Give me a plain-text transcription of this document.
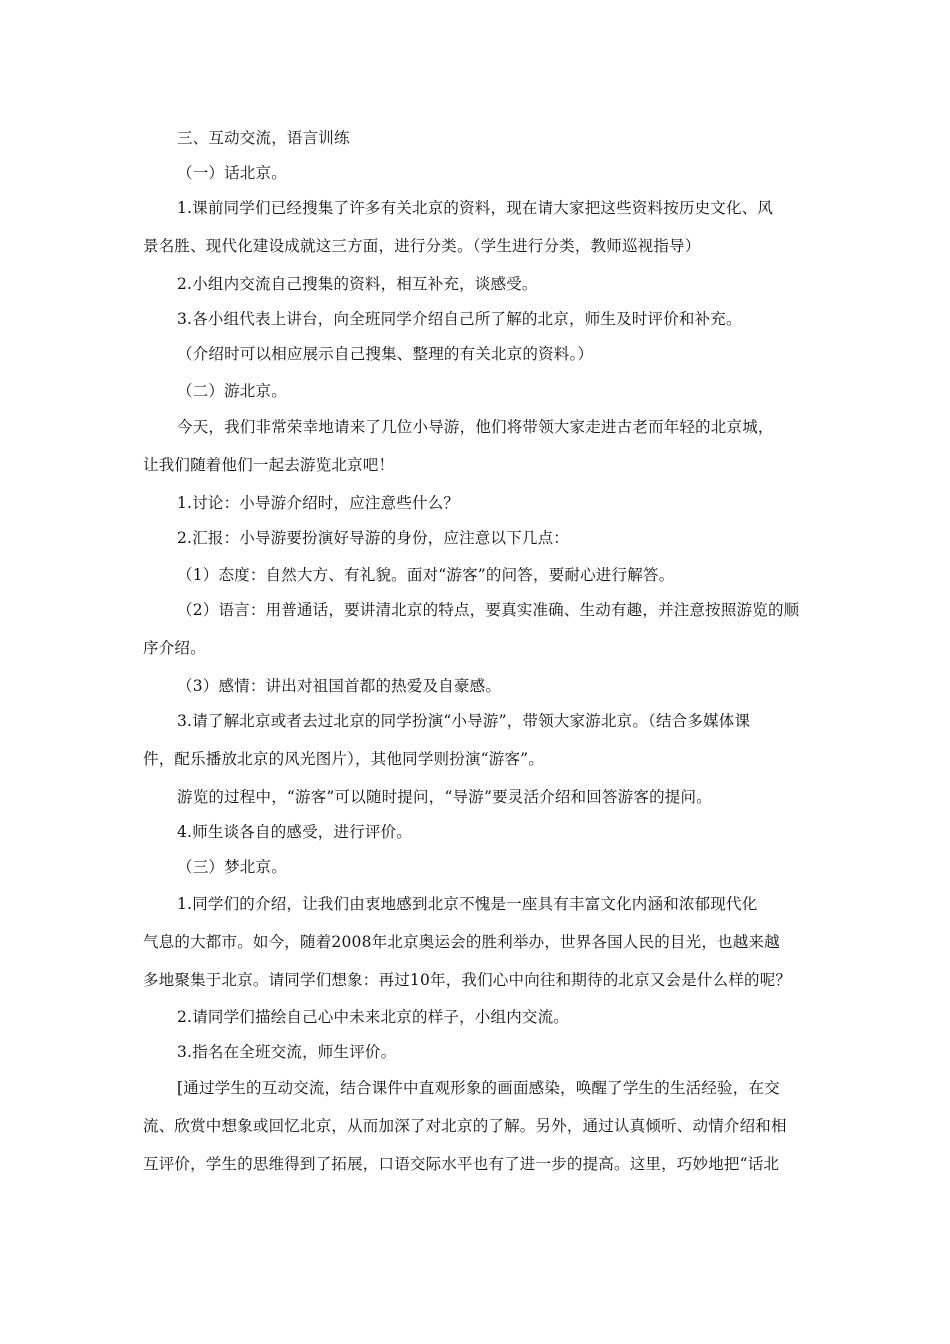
三、互动交流，语言训练

（一）话北京。

1.课前同学们已经搜集了许多有关北京的资料，现在请大家把这些资料按历史文化、风

景名胜、现代化建设成就这三方面，进行分类。（学生进行分类，教师巡视指导）

2.小组内交流自己搜集的资料，相互补充，谈感受。

3.各小组代表上讲台，向全班同学介绍自己所了解的北京，师生及时评价和补充。

（介绍时可以相应展示自己搜集、整理的有关北京的资料。）

（二）游北京。

今天，我们非常荣幸地请来了几位小导游，他们将带领大家走进古老而年轻的北京城，

让我们随着他们一起去游览北京吧！

1.讨论：小导游介绍时，应注意些什么？

2.汇报：小导游要扮演好导游的身份，应注意以下几点：

（1）态度：自然大方、有礼貌。面对“游客”的问答，要耐心进行解答。

（2）语言：用普通话，要讲清北京的特点，要真实准确、生动有趣，并注意按照游览的顺

序介绍。

（3）感情：讲出对祖国首都的热爱及自豪感。

3.请了解北京或者去过北京的同学扮演“小导游”，带领大家游北京。（结合多媒体课

件，配乐播放北京的风光图片），其他同学则扮演“游客”。

游览的过程中，“游客”可以随时提问，“导游”要灵活介绍和回答游客的提问。

4.师生谈各自的感受，进行评价。

（三）梦北京。

1.同学们的介绍，让我们由衷地感到北京不愧是一座具有丰富文化内涵和浓郁现代化

气息的大都市。如今，随着2008年北京奥运会的胜利举办，世界各国人民的目光，也越来越

多地聚集于北京。请同学们想象：再过10年，我们心中向往和期待的北京又会是什么样的呢？

2.请同学们描绘自己心中未来北京的样子，小组内交流。

3.指名在全班交流，师生评价。

[通过学生的互动交流，结合课件中直观形象的画面感染，唤醒了学生的生活经验，在交

流、欣赏中想象或回忆北京，从而加深了对北京的了解。另外，通过认真倾听、动情介绍和相

互评价，学生的思维得到了拓展，口语交际水平也有了进一步的提高。这里，巧妙地把“话北
